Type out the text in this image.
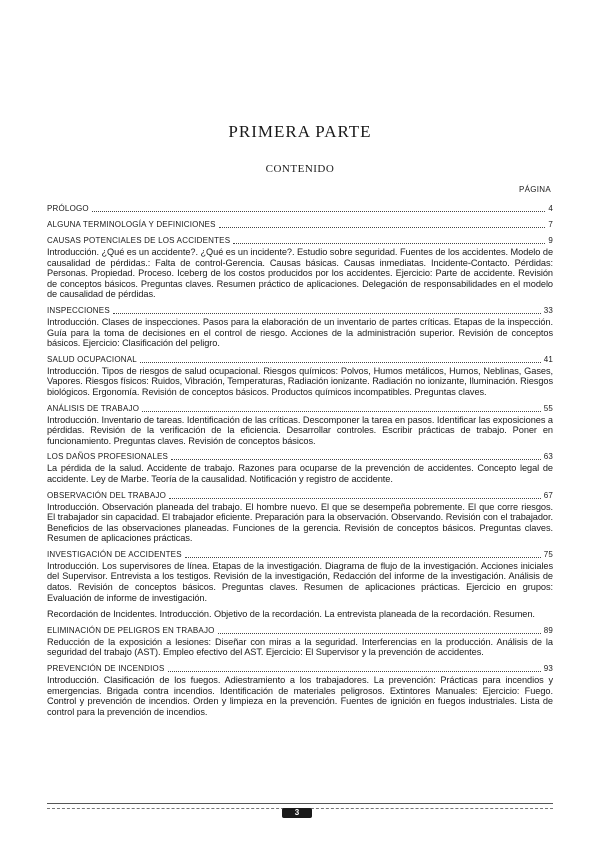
PRIMERA PARTE
CONTENIDO
PÁGINA
PRÓLOGO	4
ALGUNA TERMINOLOGÍA Y DEFINICIONES	7
CAUSAS POTENCIALES DE LOS ACCIDENTES	9
Introducción. ¿Qué es un accidente?. ¿Qué es un incidente?. Estudio sobre seguridad. Fuentes de los accidentes. Modelo de causalidad de pérdidas.: Falta de control-Gerencia. Causas básicas. Causas inmediatas. Incidente-Contacto. Pérdidas: Personas. Propiedad. Proceso. Iceberg de los costos producidos por los accidentes. Ejercicio: Parte de accidente. Revisión de conceptos básicos. Preguntas claves. Resumen práctico de aplicaciones. Delegación de responsabilidades en el modelo de causalidad de pérdidas.
INSPECCIONES	33
Introducción. Clases de inspecciones. Pasos para la elaboración de un inventario de partes críticas. Etapas de la inspección. Guía para la toma de decisiones en el control de riesgo. Acciones de la administración superior. Revisión de conceptos básicos. Ejercicio: Clasificación del peligro.
SALUD OCUPACIONAL	41
Introducción. Tipos de riesgos de salud ocupacional. Riesgos químicos: Polvos, Humos metálicos, Humos, Neblinas, Gases, Vapores. Riesgos físicos: Ruidos, Vibración, Temperaturas, Radiación ionizante. Radiación no ionizante, Iluminación. Riesgos biológicos. Ergonomía. Revisión de conceptos básicos. Productos químicos incompatibles. Preguntas claves.
ANÁLISIS DE TRABAJO	55
Introducción. Inventario de tareas. Identificación de las críticas. Descomponer la tarea en pasos. Identificar las exposiciones a pérdidas. Revisión de la verificación de la eficiencia. Desarrollar controles. Escribir prácticas de trabajo. Poner en funcionamiento. Preguntas claves. Revisión de conceptos básicos.
LOS DAÑOS PROFESIONALES	63
La pérdida de la salud. Accidente de trabajo. Razones para ocuparse de la prevención de accidentes. Concepto legal de accidente. Ley de Marbe. Teoría de la causalidad. Notificación y registro de accidente.
OBSERVACIÓN DEL TRABAJO	67
Introducción. Observación planeada del trabajo. El hombre nuevo. El que se desempeña pobremente. El que corre riesgos. El trabajador sin capacidad. El trabajador eficiente. Preparación para la observación. Observando. Revisión con el trabajador. Beneficios de las observaciones planeadas. Funciones de la gerencia. Revisión de conceptos básicos. Preguntas claves. Resumen de aplicaciones prácticas.
INVESTIGACIÓN DE ACCIDENTES	75
Introducción. Los supervisores de línea. Etapas de la investigación. Diagrama de flujo de la investigación. Acciones iniciales del Supervisor. Entrevista a los testigos. Revisión de la investigación, Redacción del informe de la investigación. Análisis de datos. Revisión de conceptos básicos. Preguntas claves. Resumen de aplicaciones prácticas. Ejercicio en grupos: Evaluación de informe de investigación.
Recordación de Incidentes. Introducción. Objetivo de la recordación. La entrevista planeada de la recordación. Resumen.
ELIMINACIÓN DE PELIGROS EN TRABAJO	89
Reducción de la exposición a lesiones: Diseñar con miras a la seguridad. Interferencias en la producción. Análisis de la seguridad del trabajo (AST). Empleo efectivo del AST. Ejercicio: El Supervisor y la prevención de accidentes.
PREVENCIÓN DE INCENDIOS	93
Introducción. Clasificación de los fuegos. Adiestramiento a los trabajadores. La prevención: Prácticas para incendios y emergencias. Brigada contra incendios. Identificación de materiales peligrosos. Extintores Manuales: Ejercicio: Fuego. Control y prevención de incendios. Orden y limpieza en la prevención. Fuentes de ignición en fuegos industriales. Lista de control para la prevención de incendios.
3
